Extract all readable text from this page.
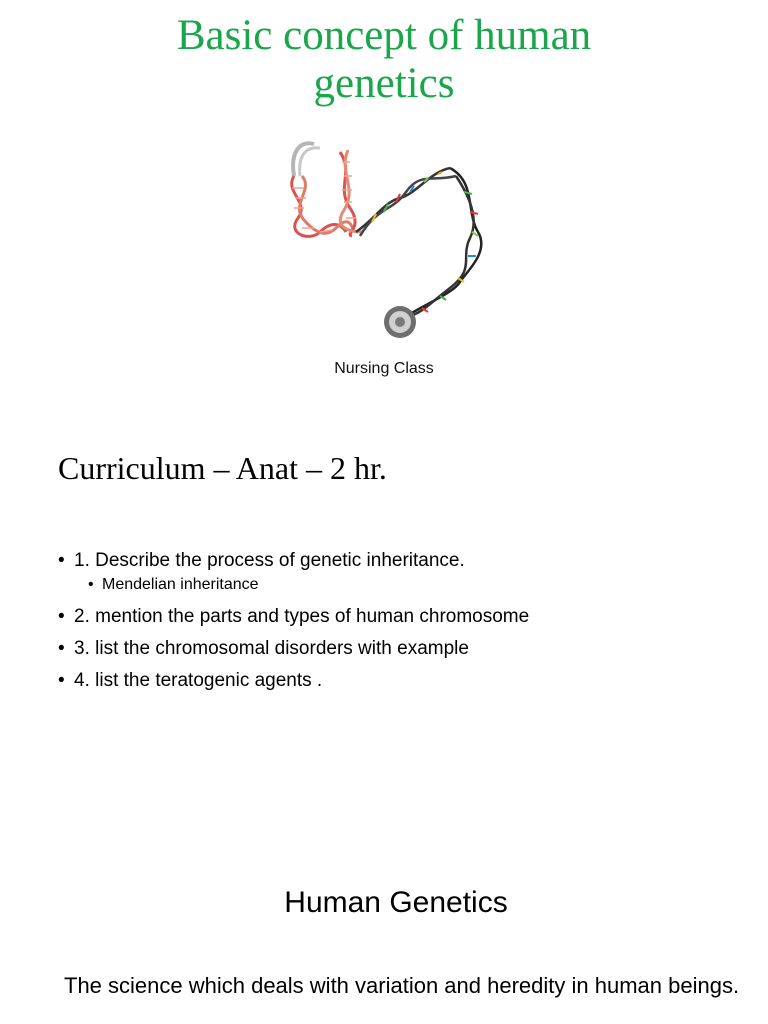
Basic concept of human
genetics
Nursing Class
Curriculum – Anat – 2 hr.
• 1. Describe the process of genetic inheritance.
• Mendelian inheritance
• 2. mention the parts and types of human chromosome
• 3. list the chromosomal disorders with example
• 4. list the teratogenic agents .
Human Genetics
The science which deals with variation and heredity in human beings.
